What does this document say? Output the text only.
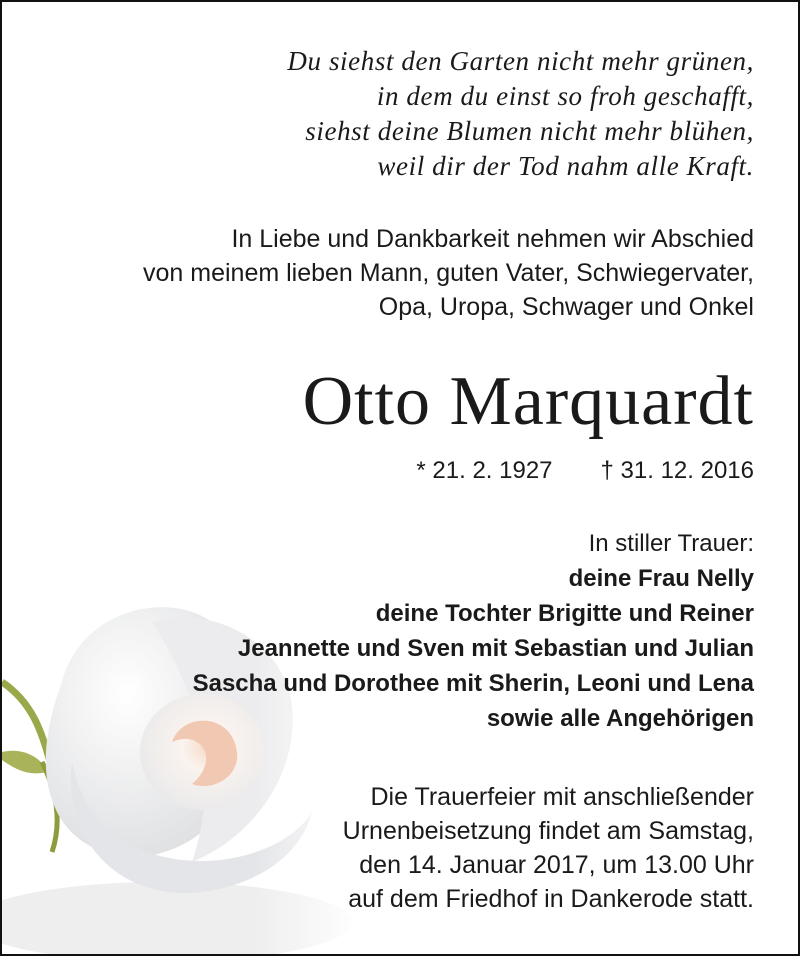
Du siehst den Garten nicht mehr grünen,
in dem du einst so froh geschafft,
siehst deine Blumen nicht mehr blühen,
weil dir der Tod nahm alle Kraft.
In Liebe und Dankbarkeit nehmen wir Abschied
von meinem lieben Mann, guten Vater, Schwiegervater,
Opa, Uropa, Schwager und Onkel
Otto Marquardt
* 21. 2. 1927 † 31. 12. 2016
In stiller Trauer:
deine Frau Nelly
deine Tochter Brigitte und Reiner
Jeannette und Sven mit Sebastian und Julian
Sascha und Dorothee mit Sherin, Leoni und Lena
sowie alle Angehörigen
Die Trauerfeier mit anschließender
Urnenbeisetzung findet am Samstag,
den 14. Januar 2017, um 13.00 Uhr
auf dem Friedhof in Dankerode statt.
